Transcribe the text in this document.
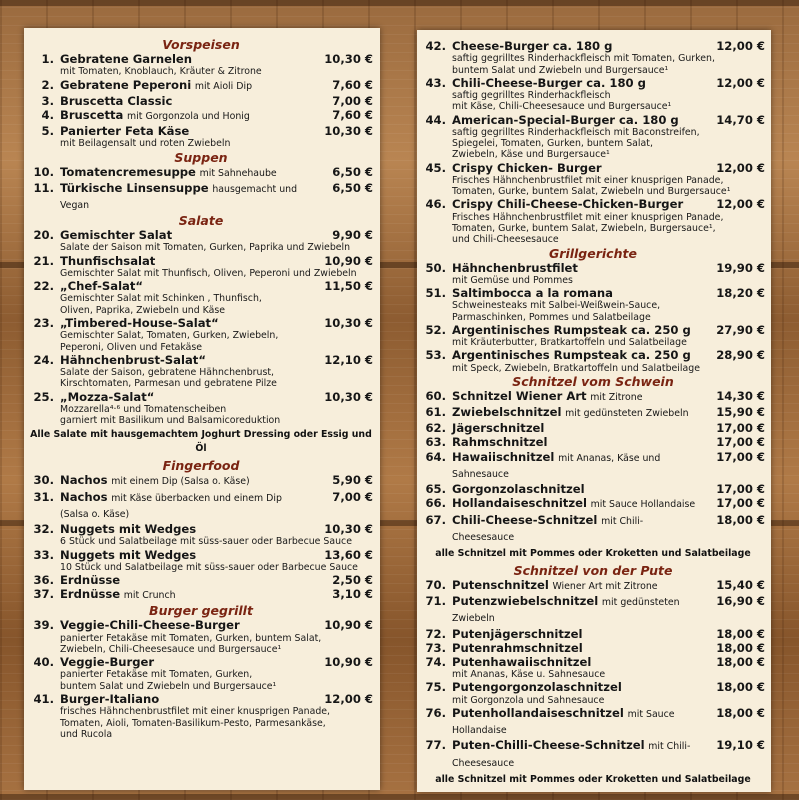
Vorspeisen
1. Gebratene Garnelen	10,30 €
mit Tomaten, Knoblauch, Kräuter & Zitrone
2. Gebratene Peperoni mit Aioli Dip	7,60 €
3. Bruscetta Classic	7,00 €
4. Bruscetta mit Gorgonzola und Honig	7,60 €
5. Panierter Feta Käse	10,30 €
mit Beilagensalt und roten Zwiebeln
Suppen
10. Tomatencremesuppe mit Sahnehaube	6,50 €
11. Türkische Linsensuppe hausgemacht und Vegan
6,50 €
Salate
20. Gemischter Salat	9,90 €
Salate der Saison mit Tomaten, Gurken, Paprika und Zwiebeln
21. Thunfischsalat	10,90 €
Gemischter Salat mit Thunfisch, Oliven, Peperoni und Zwiebeln
22. „Chef-Salat“	11,50 €
Gemischter Salat mit Schinken , Thunfisch,
Oliven, Paprika, Zwiebeln und Käse
23. „Timbered-House-Salat“	10,30 €
Gemischter Salat, Tomaten, Gurken, Zwiebeln,
Peperoni, Oliven und Fetakäse
24. Hähnchenbrust-Salat“	12,10 €
Salate der Saison, gebratene Hähnchenbrust,
Kirschtomaten, Parmesan und gebratene Pilze
25. „Mozza-Salat“	10,30 €
Mozzarella⁴·⁶ und Tomatenscheiben
garniert mit Basilikum und Balsamicoreduktion
Alle Salate mit hausgemachtem Joghurt Dressing oder Essig und Öl
Fingerfood
30. Nachos mit einem Dip (Salsa o. Käse)	5,90 €
31. Nachos mit Käse überbacken und einem Dip (Salsa o. Käse)
7,00 €
32. Nuggets mit Wedges	10,30 €
6 Stück und Salatbeilage mit süss-sauer oder Barbecue Sauce
33. Nuggets mit Wedges	13,60 €
10 Stück und Salatbeilage mit süss-sauer oder Barbecue Sauce
36. Erdnüsse	2,50 €
37. Erdnüsse mit Crunch	3,10 €
Burger gegrillt
39. Veggie-Chili-Cheese-Burger	10,90 €
panierter Fetakäse mit Tomaten, Gurken, buntem Salat,
Zwiebeln, Chili-Cheesesauce und Burgersauce¹
40. Veggie-Burger	10,90 €
panierter Fetakäse mit Tomaten, Gurken,
buntem Salat und Zwiebeln und Burgersauce¹
41. Burger-Italiano	12,00 €
frisches Hähnchenbrustfilet mit einer knusprigen Panade,
Tomaten, Aioli, Tomaten-Basilikum-Pesto, Parmesankäse,
und Rucola
42. Cheese-Burger ca. 180 g	12,00 €
saftig gegrilltes Rinderhackfleisch mit Tomaten, Gurken,
buntem Salat und Zwiebeln und Burgersauce¹
43. Chili-Cheese-Burger ca. 180 g	12,00 €
saftig gegrilltes Rinderhackfleisch
mit Käse, Chili-Cheesesauce und Burgersauce¹
44. American-Special-Burger ca. 180 g	14,70 €
saftig gegrilltes Rinderhackfleisch mit Baconstreifen,
Spiegelei, Tomaten, Gurken, buntem Salat,
Zwiebeln, Käse und Burgersauce¹
45. Crispy Chicken- Burger	12,00 €
Frisches Hähnchenbrustfilet mit einer knusprigen Panade,
Tomaten, Gurke, buntem Salat, Zwiebeln und Burgersauce¹
46. Crispy Chili-Cheese-Chicken-Burger	12,00 €
Frisches Hähnchenbrustfilet mit einer knusprigen Panade,
Tomaten, Gurke, buntem Salat, Zwiebeln, Burgersauce¹,
und Chili-Cheesesauce
Grillgerichte
50. Hähnchenbrustfilet	19,90 €
mit Gemüse und Pommes
51. Saltimbocca a la romana	18,20 €
Schweinesteaks mit Salbei-Weißwein-Sauce,
Parmaschinken, Pommes und Salatbeilage
52. Argentinisches Rumpsteak ca. 250 g	27,90 €
mit Kräuterbutter, Bratkartoffeln und Salatbeilage
53. Argentinisches Rumpsteak ca. 250 g	28,90 €
mit Speck, Zwiebeln, Bratkartoffeln und Salatbeilage
Schnitzel vom Schwein
60. Schnitzel Wiener Art mit Zitrone	14,30 €
61. Zwiebelschnitzel mit gedünsteten Zwiebeln	15,90 €
62. Jägerschnitzel	17,00 €
63. Rahmschnitzel	17,00 €
64. Hawaiischnitzel mit Ananas, Käse und Sahnesauce
17,00 €
65. Gorgonzolaschnitzel	17,00 €
66. Hollandaiseschnitzel mit Sauce Hollandaise	17,00 €
67. Chili-Cheese-Schnitzel mit Chili-Cheesesauce
18,00 €
alle Schnitzel mit Pommes oder Kroketten und Salatbeilage
Schnitzel von der Pute
70. Putenschnitzel Wiener Art mit Zitrone	15,40 €
71. Putenzwiebelschnitzel mit gedünsteten Zwiebeln
16,90 €
72. Putenjägerschnitzel	18,00 €
73. Putenrahmschnitzel	18,00 €
74. Putenhawaiischnitzel	18,00 €
mit Ananas, Käse u. Sahnesauce
75. Putengorgonzolaschnitzel	18,00 €
mit Gorgonzola und Sahnesauce
76. Putenhollandaiseschnitzel mit Sauce Hollandaise
18,00 €
77. Puten-Chilli-Cheese-Schnitzel mit Chili-Cheesesauce
19,10 €
alle Schnitzel mit Pommes oder Kroketten und Salatbeilage
